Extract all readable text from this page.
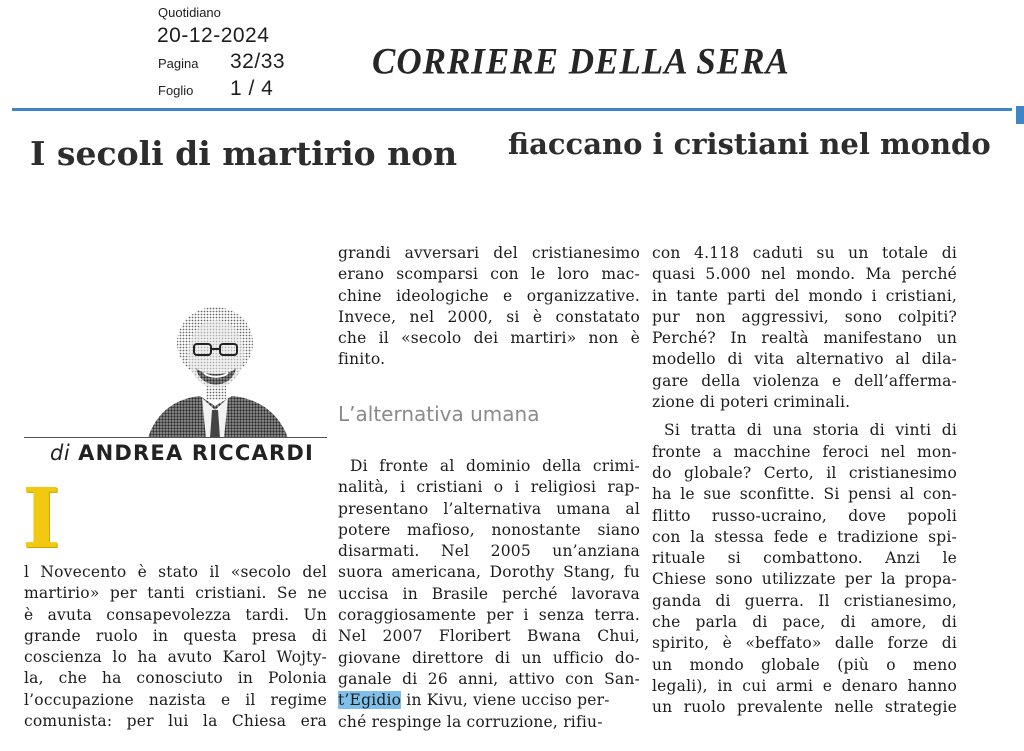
Quotidiano
20-12-2024
Pagina 32/33
Foglio 1 / 4
CORRIERE DELLA SERA
I secoli di martirio non fiaccano i cristiani nel mondo
di ANDREA RICCARDI
I
l Novecento è stato il «secolo del
martirio» per tanti cristiani. Se ne
è avuta consapevolezza tardi. Un
grande ruolo in questa presa di
coscienza lo ha avuto Karol Wojty-
la, che ha conosciuto in Polonia
l’occupazione nazista e il regime
comunista: per lui la Chiesa era
grandi avversari del cristianesimo
erano scomparsi con le loro mac-
chine ideologiche e organizzative.
Invece, nel 2000, si è constatato
che il «secolo dei martiri» non è
finito.
L’alternativa umana
Di fronte al dominio della crimi-
nalità, i cristiani o i religiosi rap-
presentano l’alternativa umana al
potere mafioso, nonostante siano
disarmati. Nel 2005 un’anziana
suora americana, Dorothy Stang, fu
uccisa in Brasile perché lavorava
coraggiosamente per i senza terra.
Nel 2007 Floribert Bwana Chui,
giovane direttore di un ufficio do-
ganale di 26 anni, attivo con San-
t’Egidio in Kivu, viene ucciso per-
ché respinge la corruzione, rifiu-
con 4.118 caduti su un totale di
quasi 5.000 nel mondo. Ma perché
in tante parti del mondo i cristiani,
pur non aggressivi, sono colpiti?
Perché? In realtà manifestano un
modello di vita alternativo al dila-
gare della violenza e dell’afferma-
zione di poteri criminali.
Si tratta di una storia di vinti di
fronte a macchine feroci nel mon-
do globale? Certo, il cristianesimo
ha le sue sconfitte. Si pensi al con-
flitto russo-ucraino, dove popoli
con la stessa fede e tradizione spi-
rituale si combattono. Anzi le
Chiese sono utilizzate per la propa-
ganda di guerra. Il cristianesimo,
che parla di pace, di amore, di
spirito, è «beffato» dalle forze di
un mondo globale (più o meno
legali), in cui armi e denaro hanno
un ruolo prevalente nelle strategie
